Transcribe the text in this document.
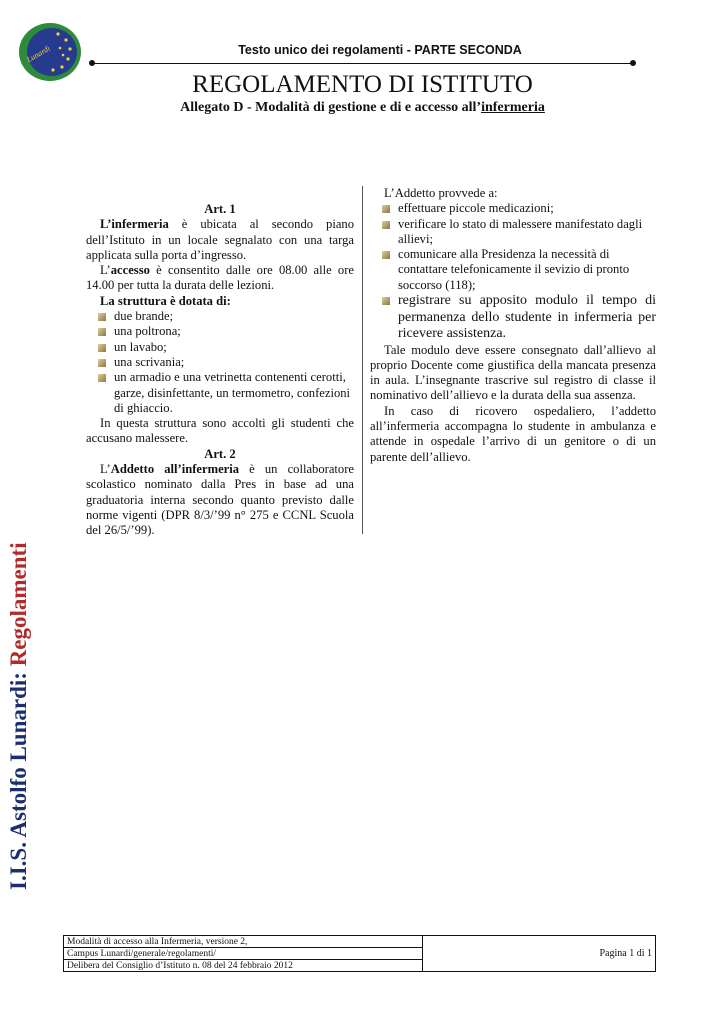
Lunardi	Testo unico dei regolamenti - PARTE SECONDA
REGOLAMENTO DI ISTITUTO
Allegato D - Modalità di gestione e di e accesso all’infermeria
Art. 1
L’infermeria è ubicata al secondo piano dell’Istituto in un locale segnalato con una targa applicata sulla porta d’ingresso.
L’accesso è consentito dalle ore 08.00 alle ore 14.00 per tutta la durata delle lezioni.
La struttura è dotata di:
due brande;
una poltrona;
un lavabo;
una scrivania;
un armadio e una vetrinetta contenenti cerotti, garze, disinfettante, un termometro, confezioni di ghiaccio.
In questa struttura sono accolti gli studenti che accusano malessere.
Art. 2
L’Addetto all’infermeria è un collaboratore scolastico nominato dalla Pres in base ad una graduatoria interna secondo quanto previsto dalle norme vigenti (DPR 8/3/’99 n° 275 e CCNL Scuola del 26/5/’99).
L’Addetto provvede a:
effettuare piccole medicazioni;
verificare lo stato di malessere manifestato dagli allievi;
comunicare alla Presidenza la necessità di contattare telefonicamente il sevizio di pronto soccorso (118);
registrare su apposito modulo il tempo di permanenza dello studente in infermeria per ricevere assistenza.
Tale modulo deve essere consegnato dall’allievo al proprio Docente come giustifica della mancata presenza in aula. L’insegnante trascrive sul registro di classe il nominativo dell’allievo e la durata della sua assenza.
In caso di ricovero ospedaliero, l’addetto all’infermeria accompagna lo studente in ambulanza e attende in ospedale l’arrivo di un genitore o di un parente dell’allievo.
I.I.S. Astolfo Lunardi: Regolamenti
Modalità di accesso alla Infermeria, versione 2,	Pagina 1 di 1
Campus Lunardi/generale/regolamenti/
Delibera del Consiglio d’Istituto n. 08 del 24 febbraio 2012
